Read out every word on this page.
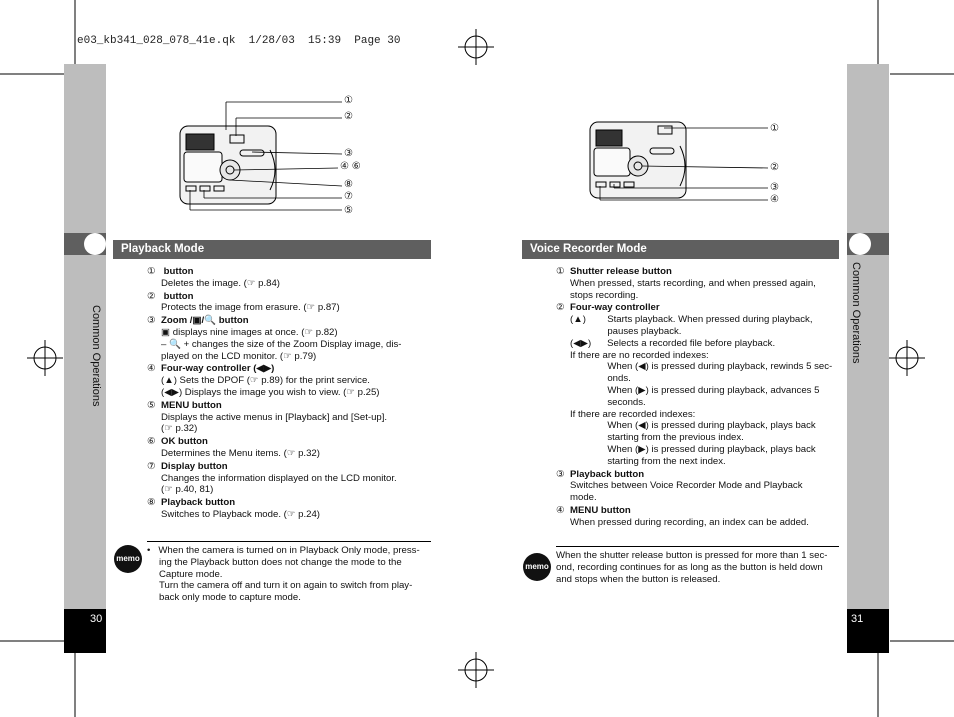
e03_kb341_028_078_41e.qk  1/28/03  15:39  Page 30
Common Operations
30
Common Operations
31
①
②
③
④ ⑥
⑧
⑦
⑤
①
②
③
④
Playback Mode
① button
Deletes the image. (☞ p.84)
② button
Protects the image from erasure. (☞ p.87)
③ Zoom /▣/🔍 button
▣ displays nine images at once. (☞ p.82)
– 🔍 + changes the size of the Zoom Display image, dis-
played on the LCD monitor. (☞ p.79)
④ Four-way controller (◀▶)
(▲) Sets the DPOF (☞ p.89) for the print service.
(◀▶) Displays the image you wish to view. (☞ p.25)
⑤ MENU button
Displays the active menus in [Playback] and [Set-up].
(☞ p.32)
⑥ OK button
Determines the Menu items. (☞ p.32)
⑦ Display button
Changes the information displayed on the LCD monitor.
(☞ p.40, 81)
⑧ Playback button
Switches to Playback mode. (☞ p.24)
memo
•   When the camera is turned on in Playback Only mode, press-
ing the Playback button does not change the mode to the
Capture mode.
Turn the camera off and turn it on again to switch from play-
back only mode to capture mode.
Voice Recorder Mode
① Shutter release button
When pressed, starts recording, and when pressed again,
stops recording.
② Four-way controller
(▲)        Starts playback. When pressed during playback,
pauses playback.
(◀▶)      Selects a recorded file before playback.
If there are no recorded indexes:
When (◀) is pressed during playback, rewinds 5 sec-
onds.
When (▶) is pressed during playback, advances 5
seconds.
If there are recorded indexes:
When (◀) is pressed during playback, plays back
starting from the previous index.
When (▶) is pressed during playback, plays back
starting from the next index.
③ Playback button
Switches between Voice Recorder Mode and Playback
mode.
④ MENU button
When pressed during recording, an index can be added.
memo
When the shutter release button is pressed for more than 1 sec-
ond, recording continues for as long as the button is held down
and stops when the button is released.
